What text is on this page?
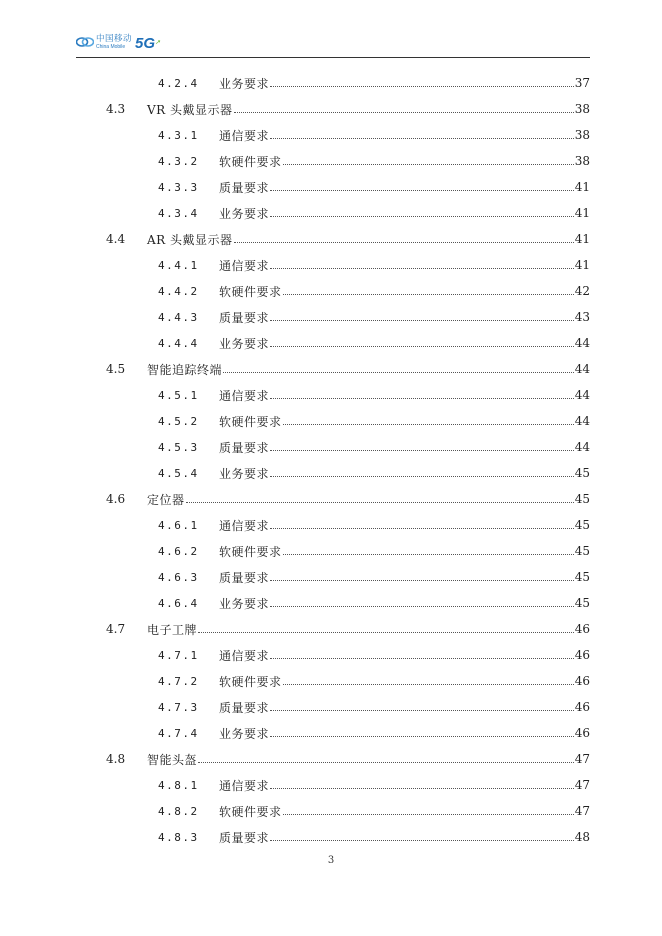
中国移动
China Mobile 5G↗
4.2.4	业务要求	37
4.3	VR 头戴显示器	38
4.3.1	通信要求	38
4.3.2	软硬件要求	38
4.3.3	质量要求	41
4.3.4	业务要求	41
4.4	AR 头戴显示器	41
4.4.1	通信要求	41
4.4.2	软硬件要求	42
4.4.3	质量要求	43
4.4.4	业务要求	44
4.5	智能追踪终端	44
4.5.1	通信要求	44
4.5.2	软硬件要求	44
4.5.3	质量要求	44
4.5.4	业务要求	45
4.6	定位器	45
4.6.1	通信要求	45
4.6.2	软硬件要求	45
4.6.3	质量要求	45
4.6.4	业务要求	45
4.7	电子工牌	46
4.7.1	通信要求	46
4.7.2	软硬件要求	46
4.7.3	质量要求	46
4.7.4	业务要求	46
4.8	智能头盔	47
4.8.1	通信要求	47
4.8.2	软硬件要求	47
4.8.3	质量要求	48
3
